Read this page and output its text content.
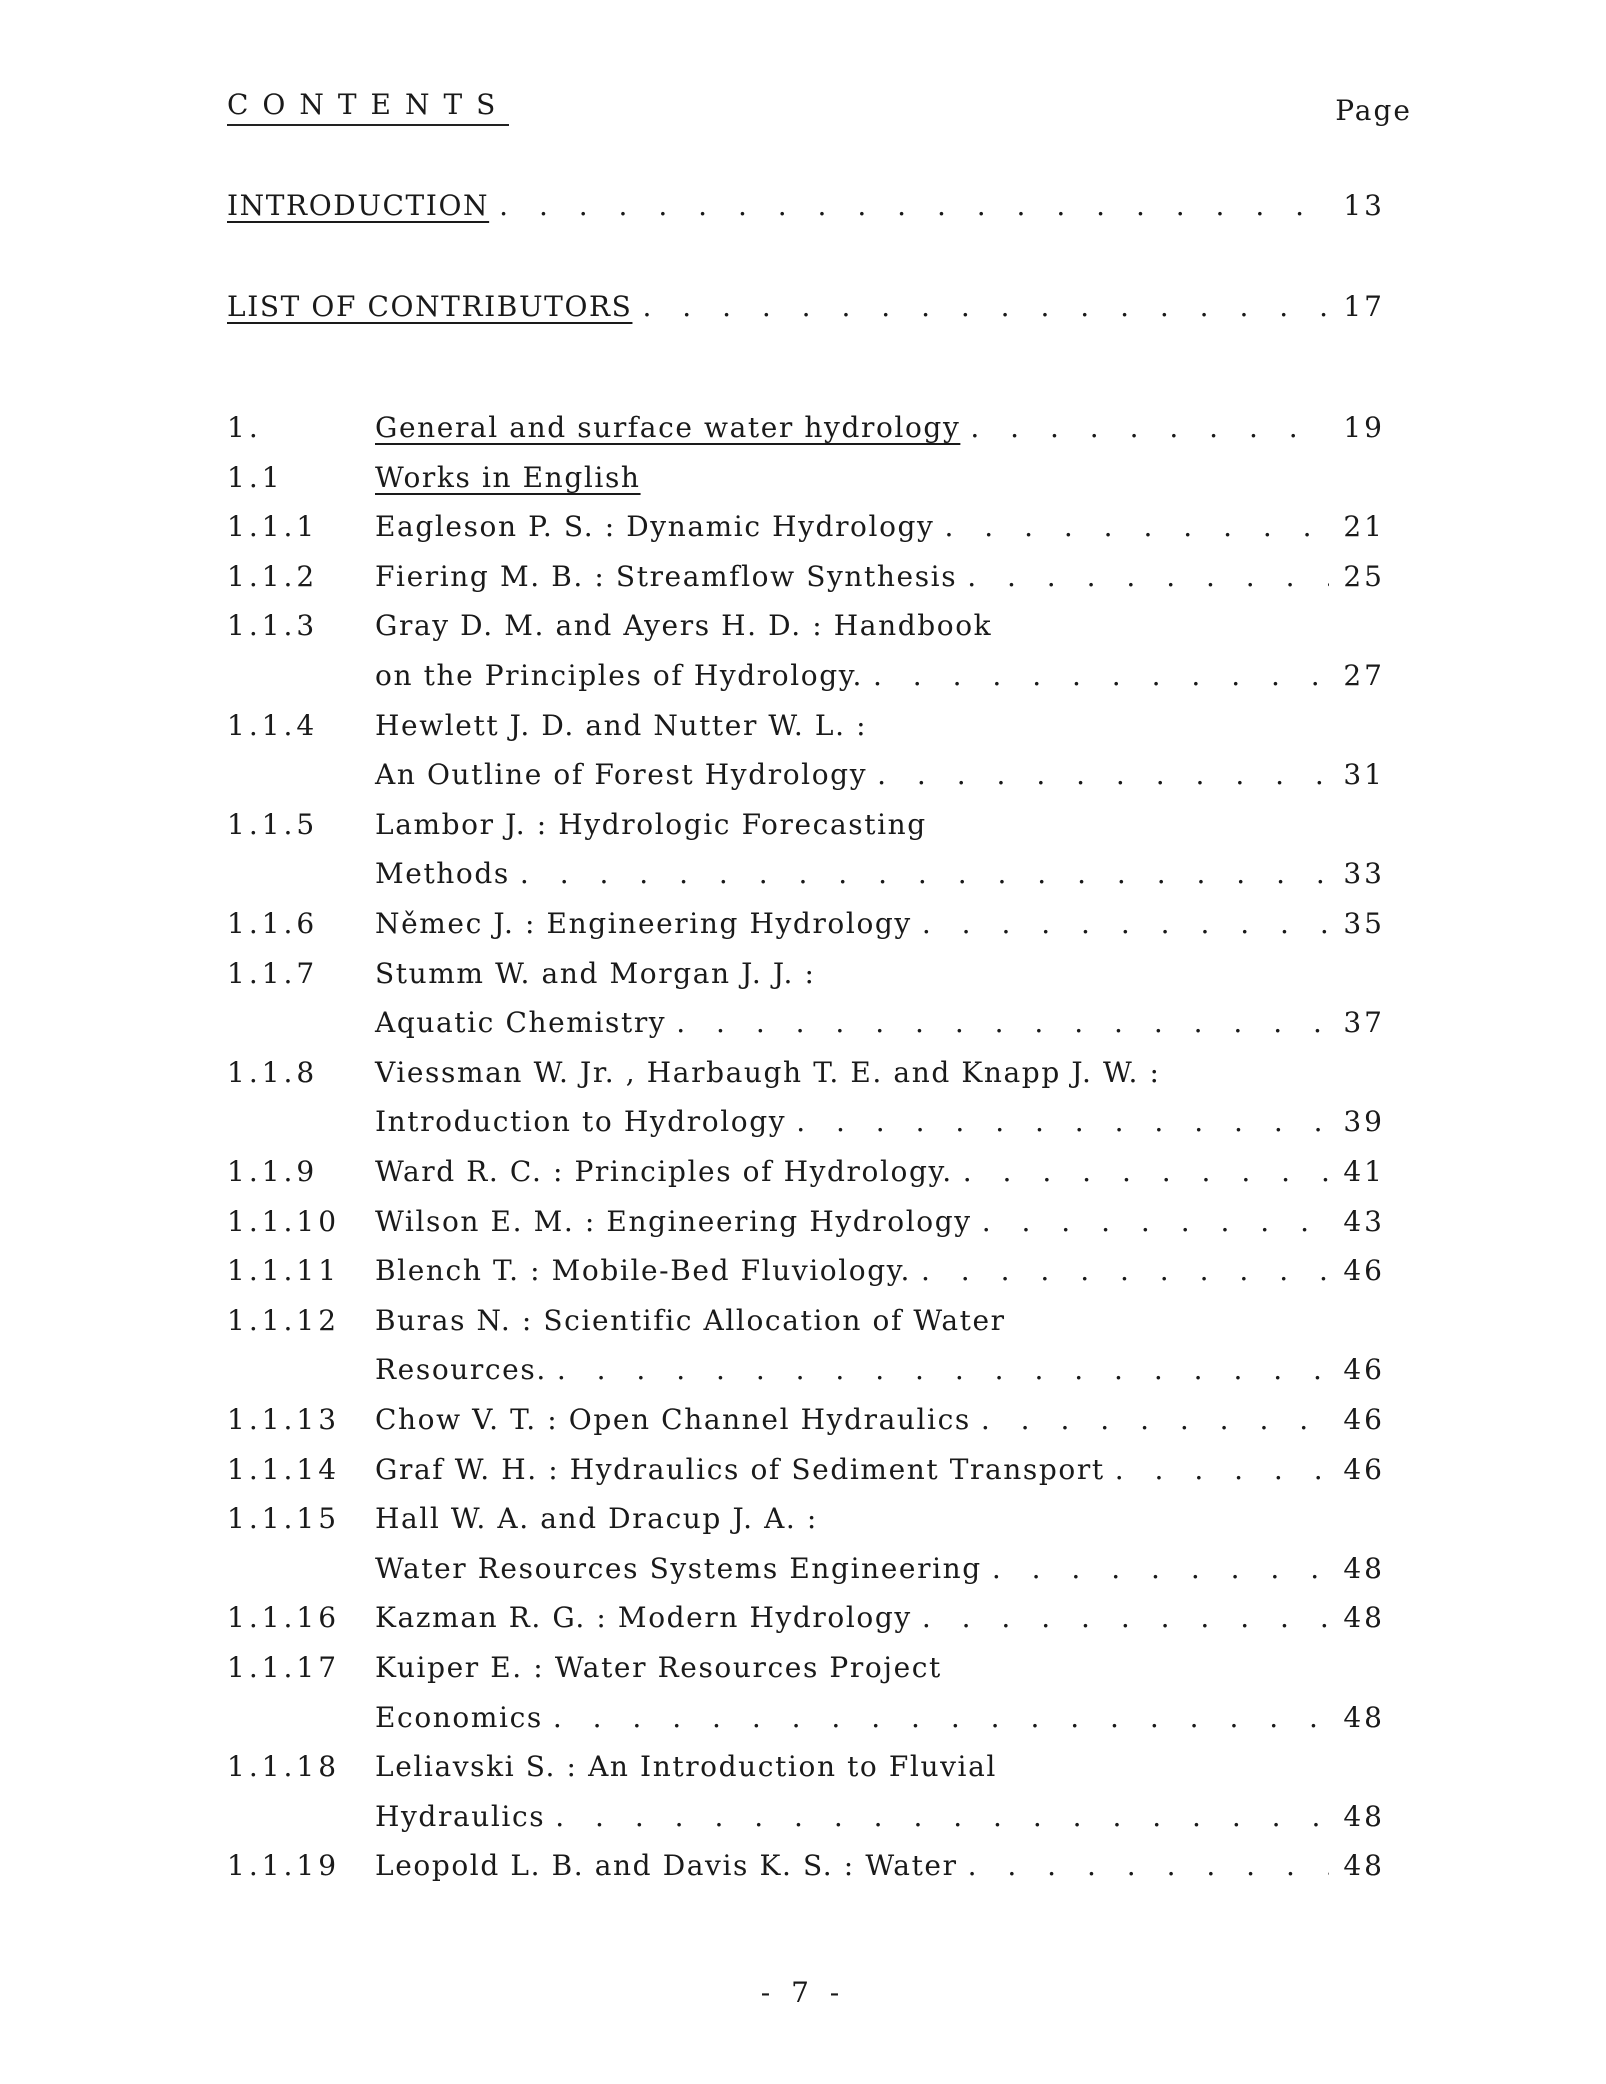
CONTENTS	Page
INTRODUCTION . . .	13
LIST OF CONTRIBUTORS . . .	17
1.	General and surface water hydrology . . .	19
1.1	Works in English
1.1.1	Eagleson P. S. : Dynamic Hydrology . . .	21
1.1.2	Fiering M. B. : Streamflow Synthesis . . .	25
1.1.3	Gray D. M. and Ayers H. D. : Handbook
on the Principles of Hydrology. . . .	27
1.1.4	Hewlett J. D. and Nutter W. L. :
An Outline of Forest Hydrology . . .	31
1.1.5	Lambor J. : Hydrologic Forecasting
Methods . . .	33
1.1.6	Němec J. : Engineering Hydrology . . .	35
1.1.7	Stumm W. and Morgan J. J. :
Aquatic Chemistry . . .	37
1.1.8	Viessman W. Jr. , Harbaugh T. E. and Knapp J. W. :
Introduction to Hydrology . . .	39
1.1.9	Ward R. C. : Principles of Hydrology. . . .	41
1.1.10	Wilson E. M. : Engineering Hydrology . . .	43
1.1.11	Blench T. : Mobile-Bed Fluviology. . . .	46
1.1.12	Buras N. : Scientific Allocation of Water
Resources. . . .	46
1.1.13	Chow V. T. : Open Channel Hydraulics . . .	46
1.1.14	Graf W. H. : Hydraulics of Sediment Transport . . .	46
1.1.15	Hall W. A. and Dracup J. A. :
Water Resources Systems Engineering . . .	48
1.1.16	Kazman R. G. : Modern Hydrology . . .	48
1.1.17	Kuiper E. : Water Resources Project
Economics . . .	48
1.1.18	Leliavski S. : An Introduction to Fluvial
Hydraulics . . .	48
1.1.19	Leopold L. B. and Davis K. S. : Water . . .	48
- 7 -
